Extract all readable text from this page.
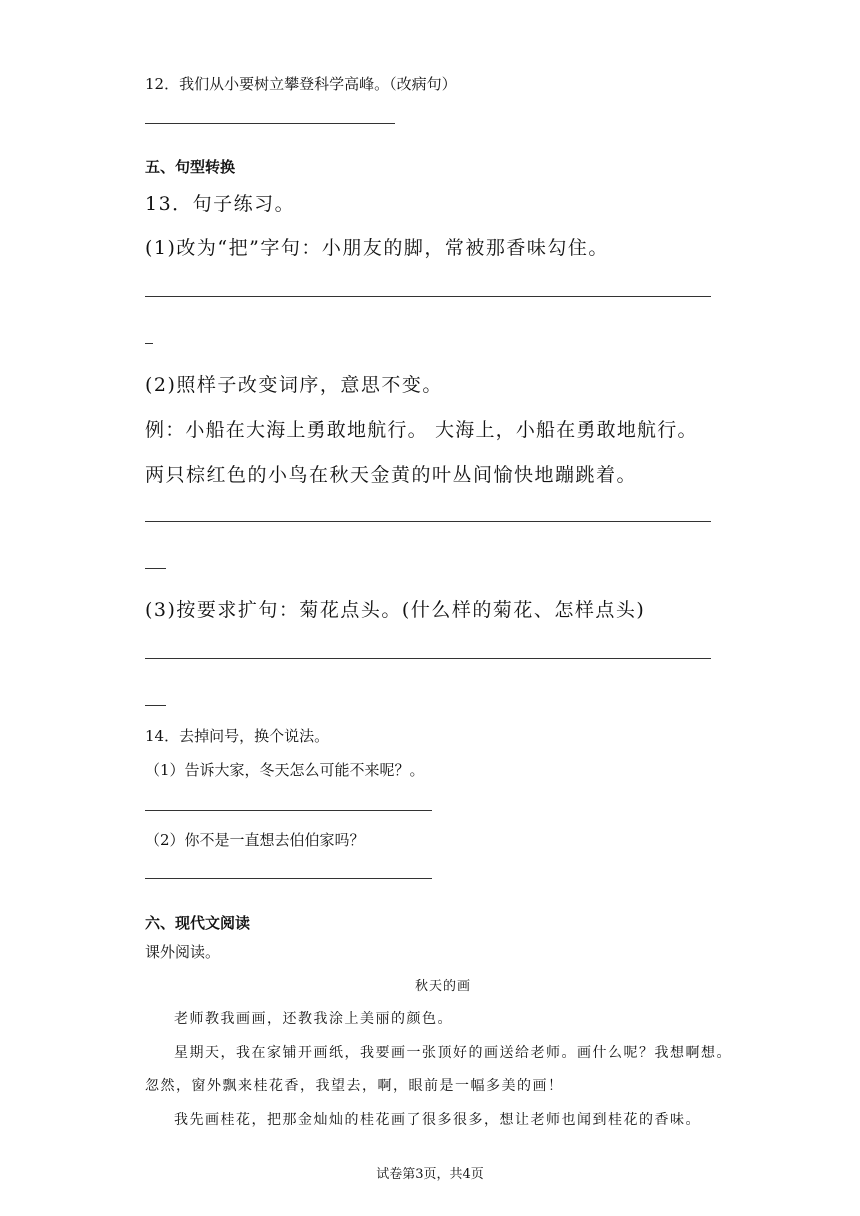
12．我们从小要树立攀登科学高峰。（改病句）
五、句型转换
13．句子练习。
(1)改为“把”字句：小朋友的脚，常被那香味勾住。
(2)照样子改变词序，意思不变。
例：小船在大海上勇敢地航行。 大海上，小船在勇敢地航行。
两只棕红色的小鸟在秋天金黄的叶丛间愉快地蹦跳着。
(3)按要求扩句：菊花点头。(什么样的菊花、怎样点头)
14．去掉问号，换个说法。
（1）告诉大家，冬天怎么可能不来呢？。
（2）你不是一直想去伯伯家吗？
六、现代文阅读
课外阅读。
秋天的画
老师教我画画，还教我涂上美丽的颜色。
星期天，我在家铺开画纸，我要画一张顶好的画送给老师。画什么呢？我想啊想。
忽然，窗外飘来桂花香，我望去，啊，眼前是一幅多美的画！
我先画桂花，把那金灿灿的桂花画了很多很多，想让老师也闻到桂花的香味。
试卷第3页，共4页
